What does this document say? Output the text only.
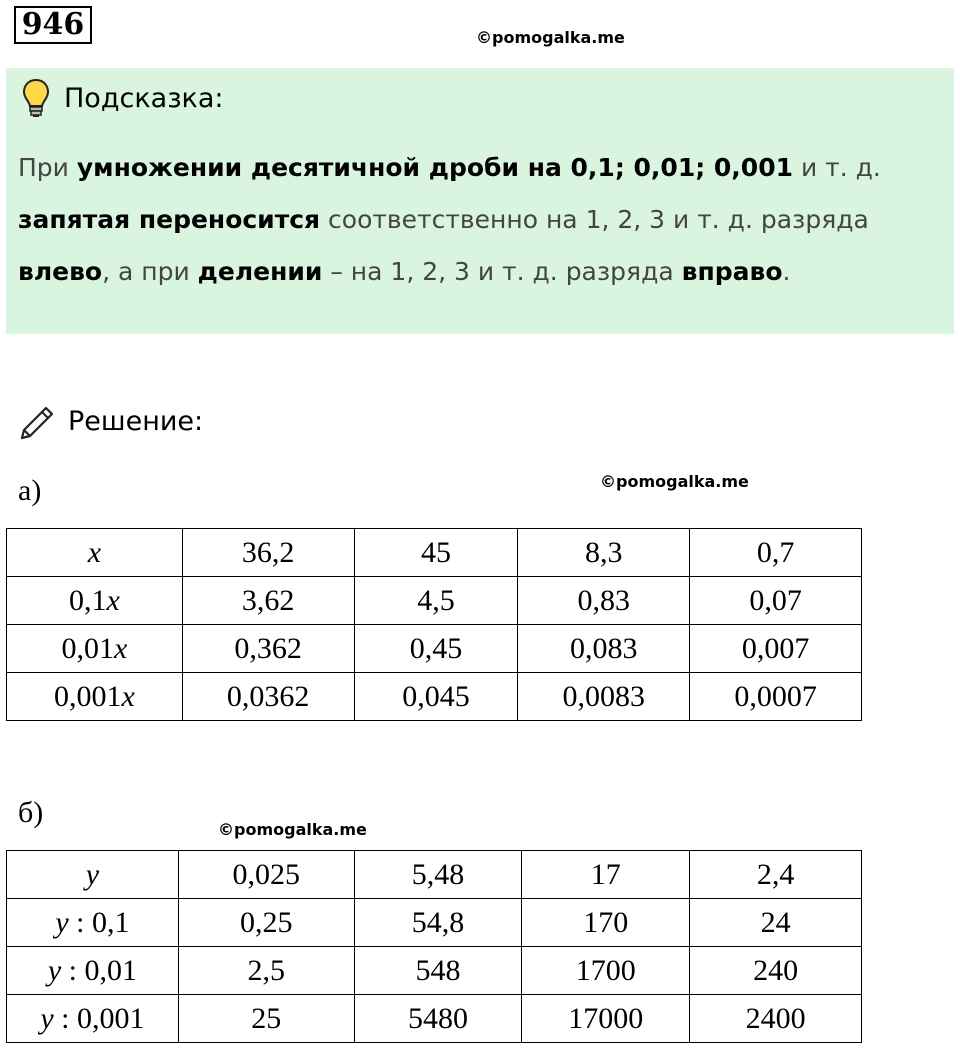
946	©pomogalka.me
Подсказка:
При умножении десятичной дроби на 0,1; 0,01; 0,001 и т. д. запятая переносится соответственно на 1, 2, 3 и т. д. разряда влево, а при делении – на 1, 2, 3 и т. д. разряда вправо.
Решение:
а)	©pomogalka.me
x	36,2	45	8,3	0,7
0,1x	3,62	4,5	0,83	0,07
0,01x	0,362	0,45	0,083	0,007
0,001x	0,0362	0,045	0,0083	0,0007
б)
©pomogalka.me
y	0,025	5,48	17	2,4
y : 0,1	0,25	54,8	170	24
y : 0,01	2,5	548	1700	240
y : 0,001	25	5480	17000	2400
